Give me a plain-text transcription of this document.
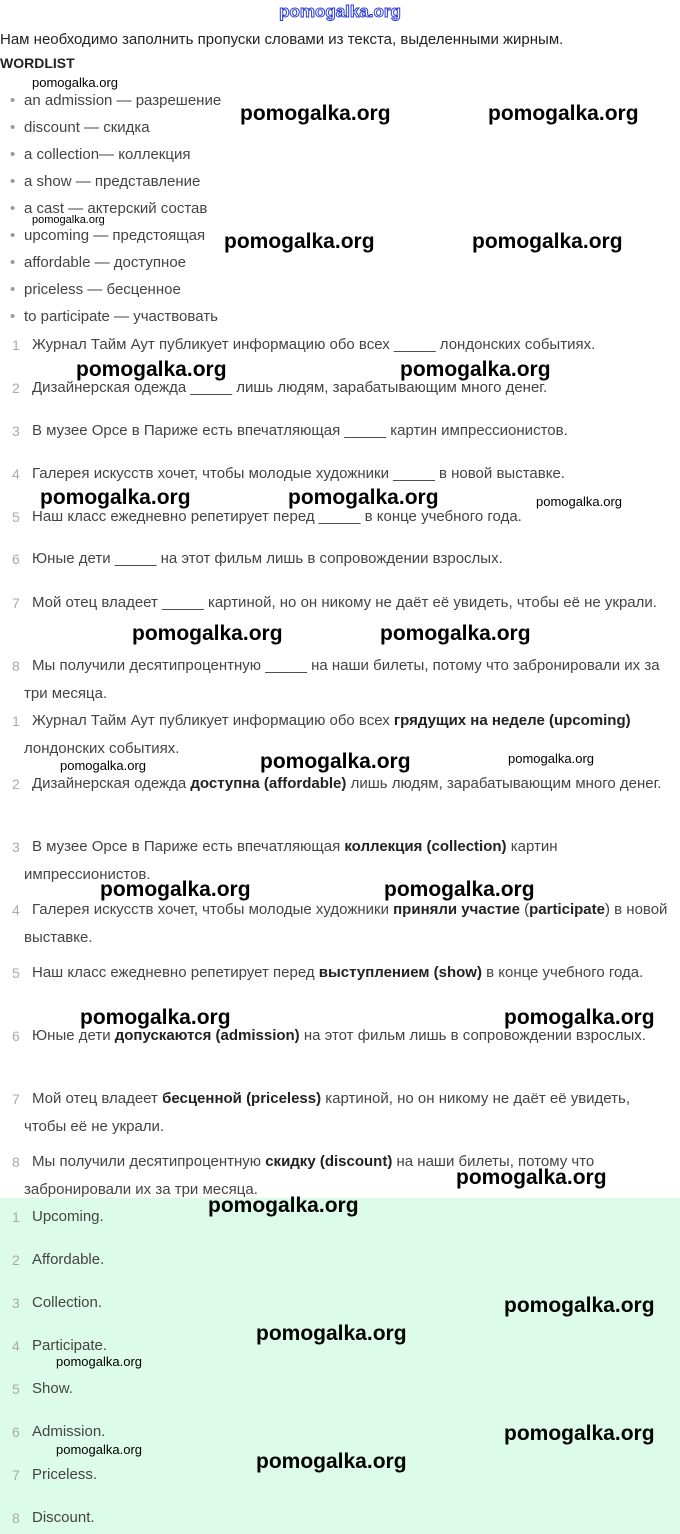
pomogalka.org
Нам необходимо заполнить пропуски словами из текста, выделенными жирным.
WORDLIST
• an admission — разрешение
• discount — скидка
• a collection— коллекция
• a show — представление
• a cast — актерский состав
• upcoming — предстоящая
• affordable — доступное
• priceless — бесценное
• to participate — участвовать
1 Журнал Тайм Аут публикует информацию обо всех _____ лондонских событиях.
2 Дизайнерская одежда _____ лишь людям, зарабатывающим много денег.
3 В музее Орсе в Париже есть впечатляющая _____ картин импрессионистов.
4 Галерея искусств хочет, чтобы молодые художники _____ в новой выставке.
5 Наш класс ежедневно репетирует перед _____ в конце учебного года.
6 Юные дети _____ на этот фильм лишь в сопровождении взрослых.
7 Мой отец владеет _____ картиной, но он никому не даёт её увидеть, чтобы её не украли.
8 Мы получили десятипроцентную _____ на наши билеты, потому что забронировали их за три месяца.
1 Журнал Тайм Аут публикует информацию обо всех грядущих на неделе (upcoming) лондонских событиях.
2 Дизайнерская одежда доступна (affordable) лишь людям, зарабатывающим много денег.
3 В музее Орсе в Париже есть впечатляющая коллекция (collection) картин импрессионистов.
4 Галерея искусств хочет, чтобы молодые художники приняли участие (participate) в новой выставке.
5 Наш класс ежедневно репетирует перед выступлением (show) в конце учебного года.
6 Юные дети допускаются (admission) на этот фильм лишь в сопровождении взрослых.
7 Мой отец владеет бесценной (priceless) картиной, но он никому не даёт её увидеть, чтобы её не украли.
8 Мы получили десятипроцентную скидку (discount) на наши билеты, потому что забронировали их за три месяца.
1 Upcoming.
2 Affordable.
3 Collection.
4 Participate.
5 Show.
6 Admission.
7 Priceless.
8 Discount.
pomogalka.org
pomogalka.org	pomogalka.org
pomogalka.org
pomogalka.org	pomogalka.org
pomogalka.org	pomogalka.org
pomogalka.org	pomogalka.org	pomogalka.org
pomogalka.org	pomogalka.org
pomogalka.org	pomogalka.org	pomogalka.org
pomogalka.org	pomogalka.org
pomogalka.org	pomogalka.org
pomogalka.org
pomogalka.org
pomogalka.org
pomogalka.org
pomogalka.org
pomogalka.org
pomogalka.org
pomogalka.org
